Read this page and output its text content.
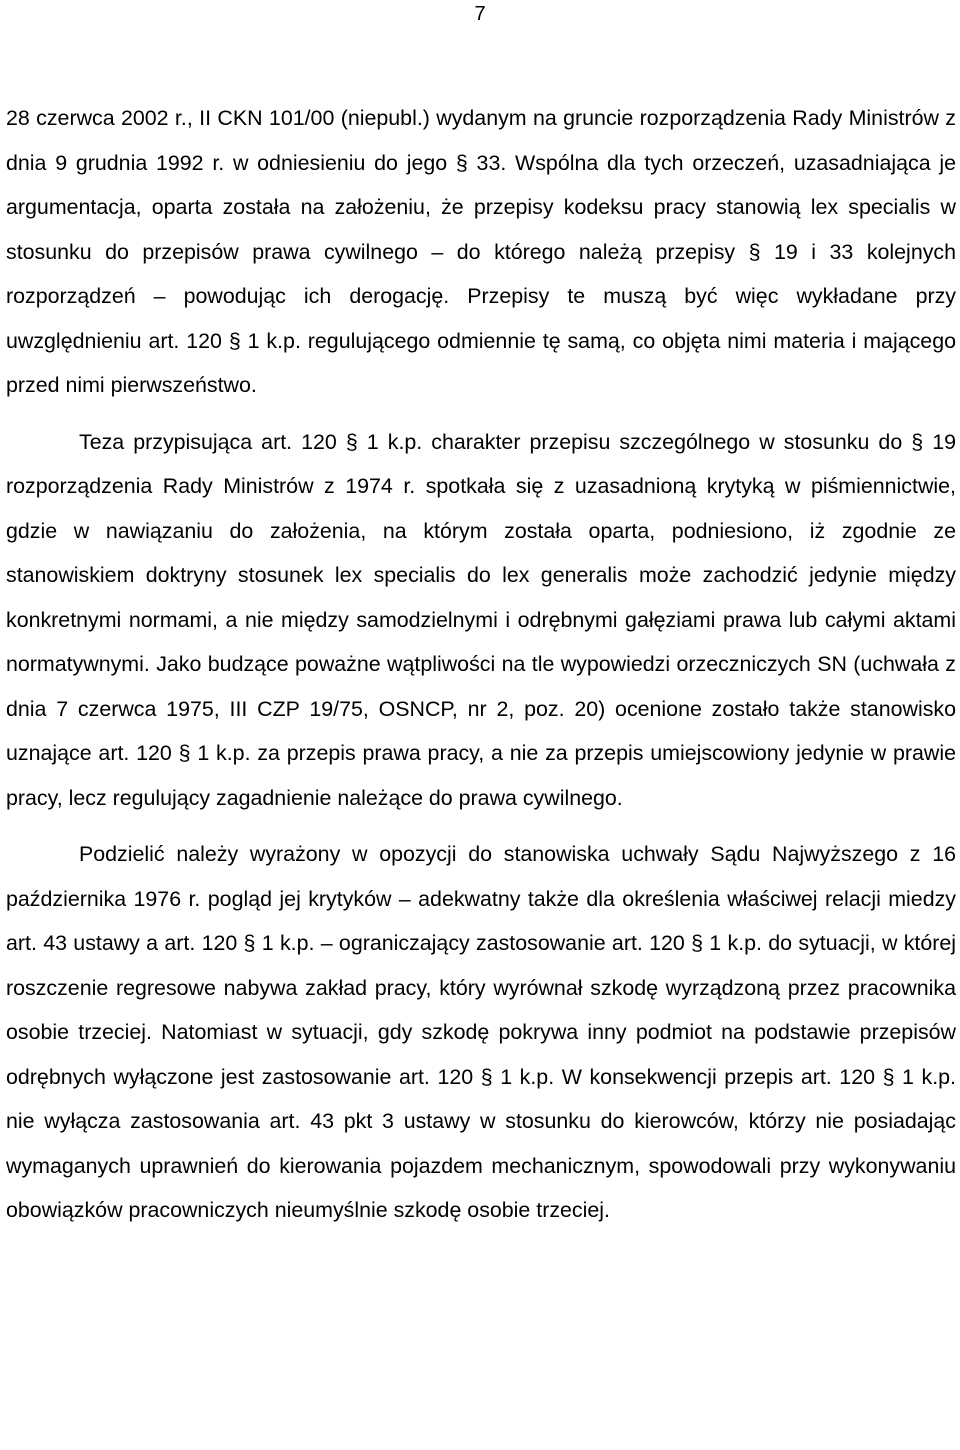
7

28 czerwca 2002 r., II CKN 101/00 (niepubl.) wydanym na gruncie rozporządzenia Rady Ministrów z dnia 9 grudnia 1992 r. w odniesieniu do jego § 33. Wspólna dla tych orzeczeń, uzasadniająca je argumentacja, oparta została na założeniu, że przepisy kodeksu pracy stanowią lex specialis w stosunku do przepisów prawa cywilnego – do którego należą przepisy § 19 i 33 kolejnych rozporządzeń – powodując ich derogację. Przepisy te muszą być więc wykładane przy uwzględnieniu art. 120 § 1 k.p. regulującego odmiennie tę samą, co objęta nimi materia i mającego przed nimi pierwszeństwo.

Teza przypisująca art. 120 § 1 k.p. charakter przepisu szczególnego w stosunku do § 19 rozporządzenia Rady Ministrów z 1974 r. spotkała się z uzasadnioną krytyką w piśmiennictwie, gdzie w nawiązaniu do założenia, na którym została oparta, podniesiono, iż zgodnie ze stanowiskiem doktryny stosunek lex specialis do lex generalis może zachodzić jedynie między konkretnymi normami, a nie między samodzielnymi i odrębnymi gałęziami prawa lub całymi aktami normatywnymi. Jako budzące poważne wątpliwości na tle wypowiedzi orzeczniczych SN (uchwała z dnia 7 czerwca 1975, III CZP 19/75, OSNCP, nr 2, poz. 20) ocenione zostało także stanowisko uznające art. 120 § 1 k.p. za przepis prawa pracy, a nie za przepis umiejscowiony jedynie w prawie pracy, lecz regulujący zagadnienie należące do prawa cywilnego.

Podzielić należy wyrażony w opozycji do stanowiska uchwały Sądu Najwyższego z 16 października 1976 r. pogląd jej krytyków – adekwatny także dla określenia właściwej relacji miedzy art. 43 ustawy a art. 120 § 1 k.p. – ograniczający zastosowanie art. 120 § 1 k.p. do sytuacji, w której roszczenie regresowe nabywa zakład pracy, który wyrównał szkodę wyrządzoną przez pracownika osobie trzeciej. Natomiast w sytuacji, gdy szkodę pokrywa inny podmiot na podstawie przepisów odrębnych wyłączone jest zastosowanie art. 120 § 1 k.p. W konsekwencji przepis art. 120 § 1 k.p. nie wyłącza zastosowania art. 43 pkt 3 ustawy w stosunku do kierowców, którzy nie posiadając wymaganych uprawnień do kierowania pojazdem mechanicznym, spowodowali przy wykonywaniu obowiązków pracowniczych nieumyślnie szkodę osobie trzeciej.
